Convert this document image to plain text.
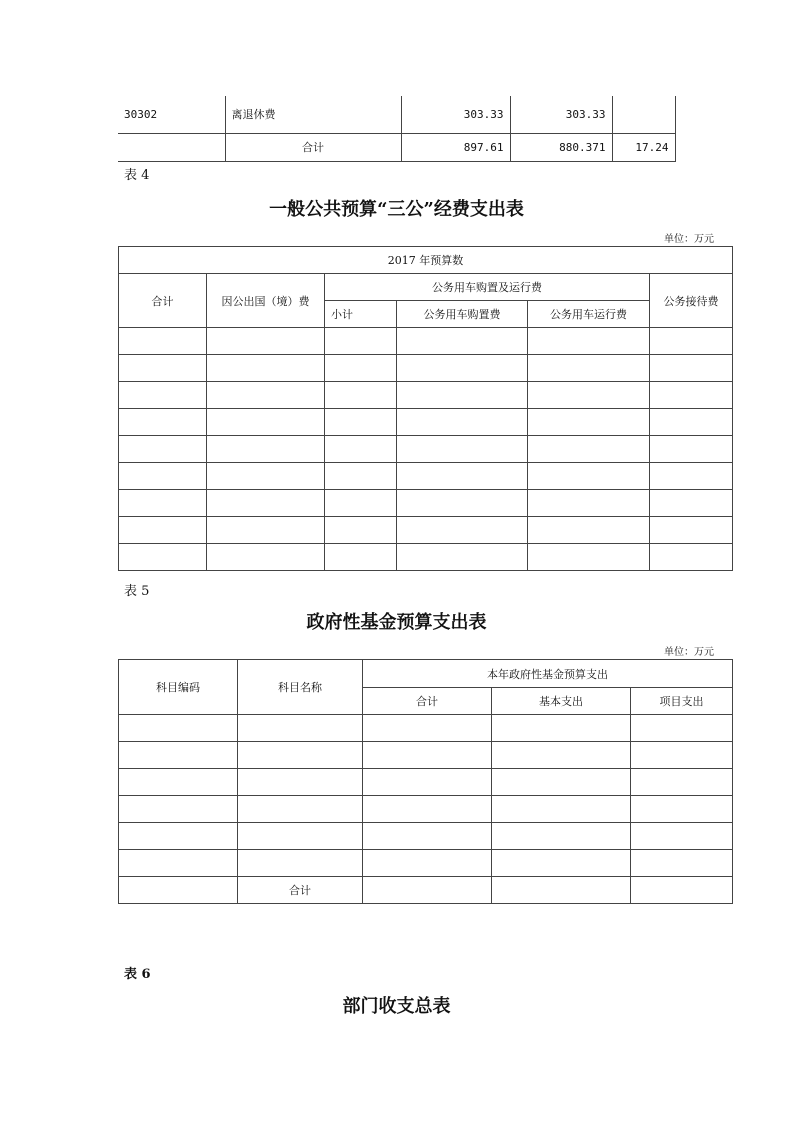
30302	离退休费	303.33	303.33	
	合计	897.61	880.371	17.24
表 4
一般公共预算“三公”经费支出表
单位：万元
2017 年预算数					
合计	因公出国（境）费	公务用车购置及运行费			公务接待费
		小计	公务用车购置费	公务用车运行费	

表 5
政府性基金预算支出表
单位：万元
科目编码	科目名称	本年政府性基金预算支出		
		合计	基本支出	项目支出

	合计			
表 6
部门收支总表
